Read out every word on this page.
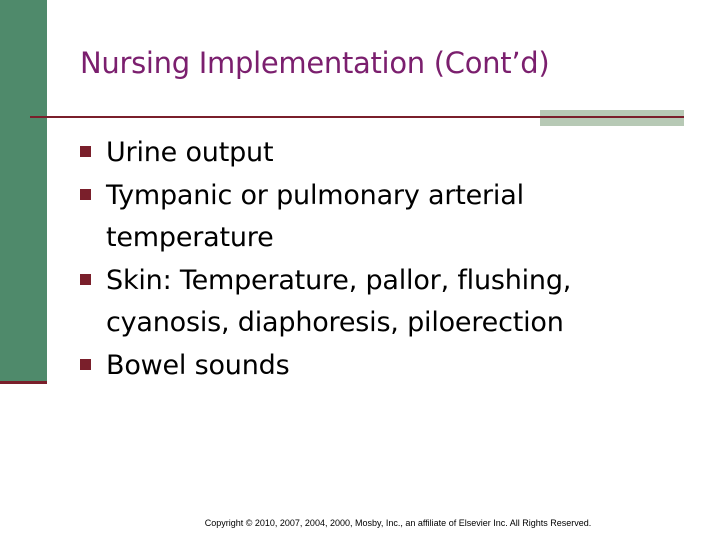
Nursing Implementation (Cont’d)
Urine output
Tympanic or pulmonary arterial
temperature
Skin: Temperature, pallor, flushing,
cyanosis, diaphoresis, piloerection
Bowel sounds
Copyright © 2010, 2007, 2004, 2000, Mosby, Inc., an affiliate of Elsevier Inc. All Rights Reserved.
